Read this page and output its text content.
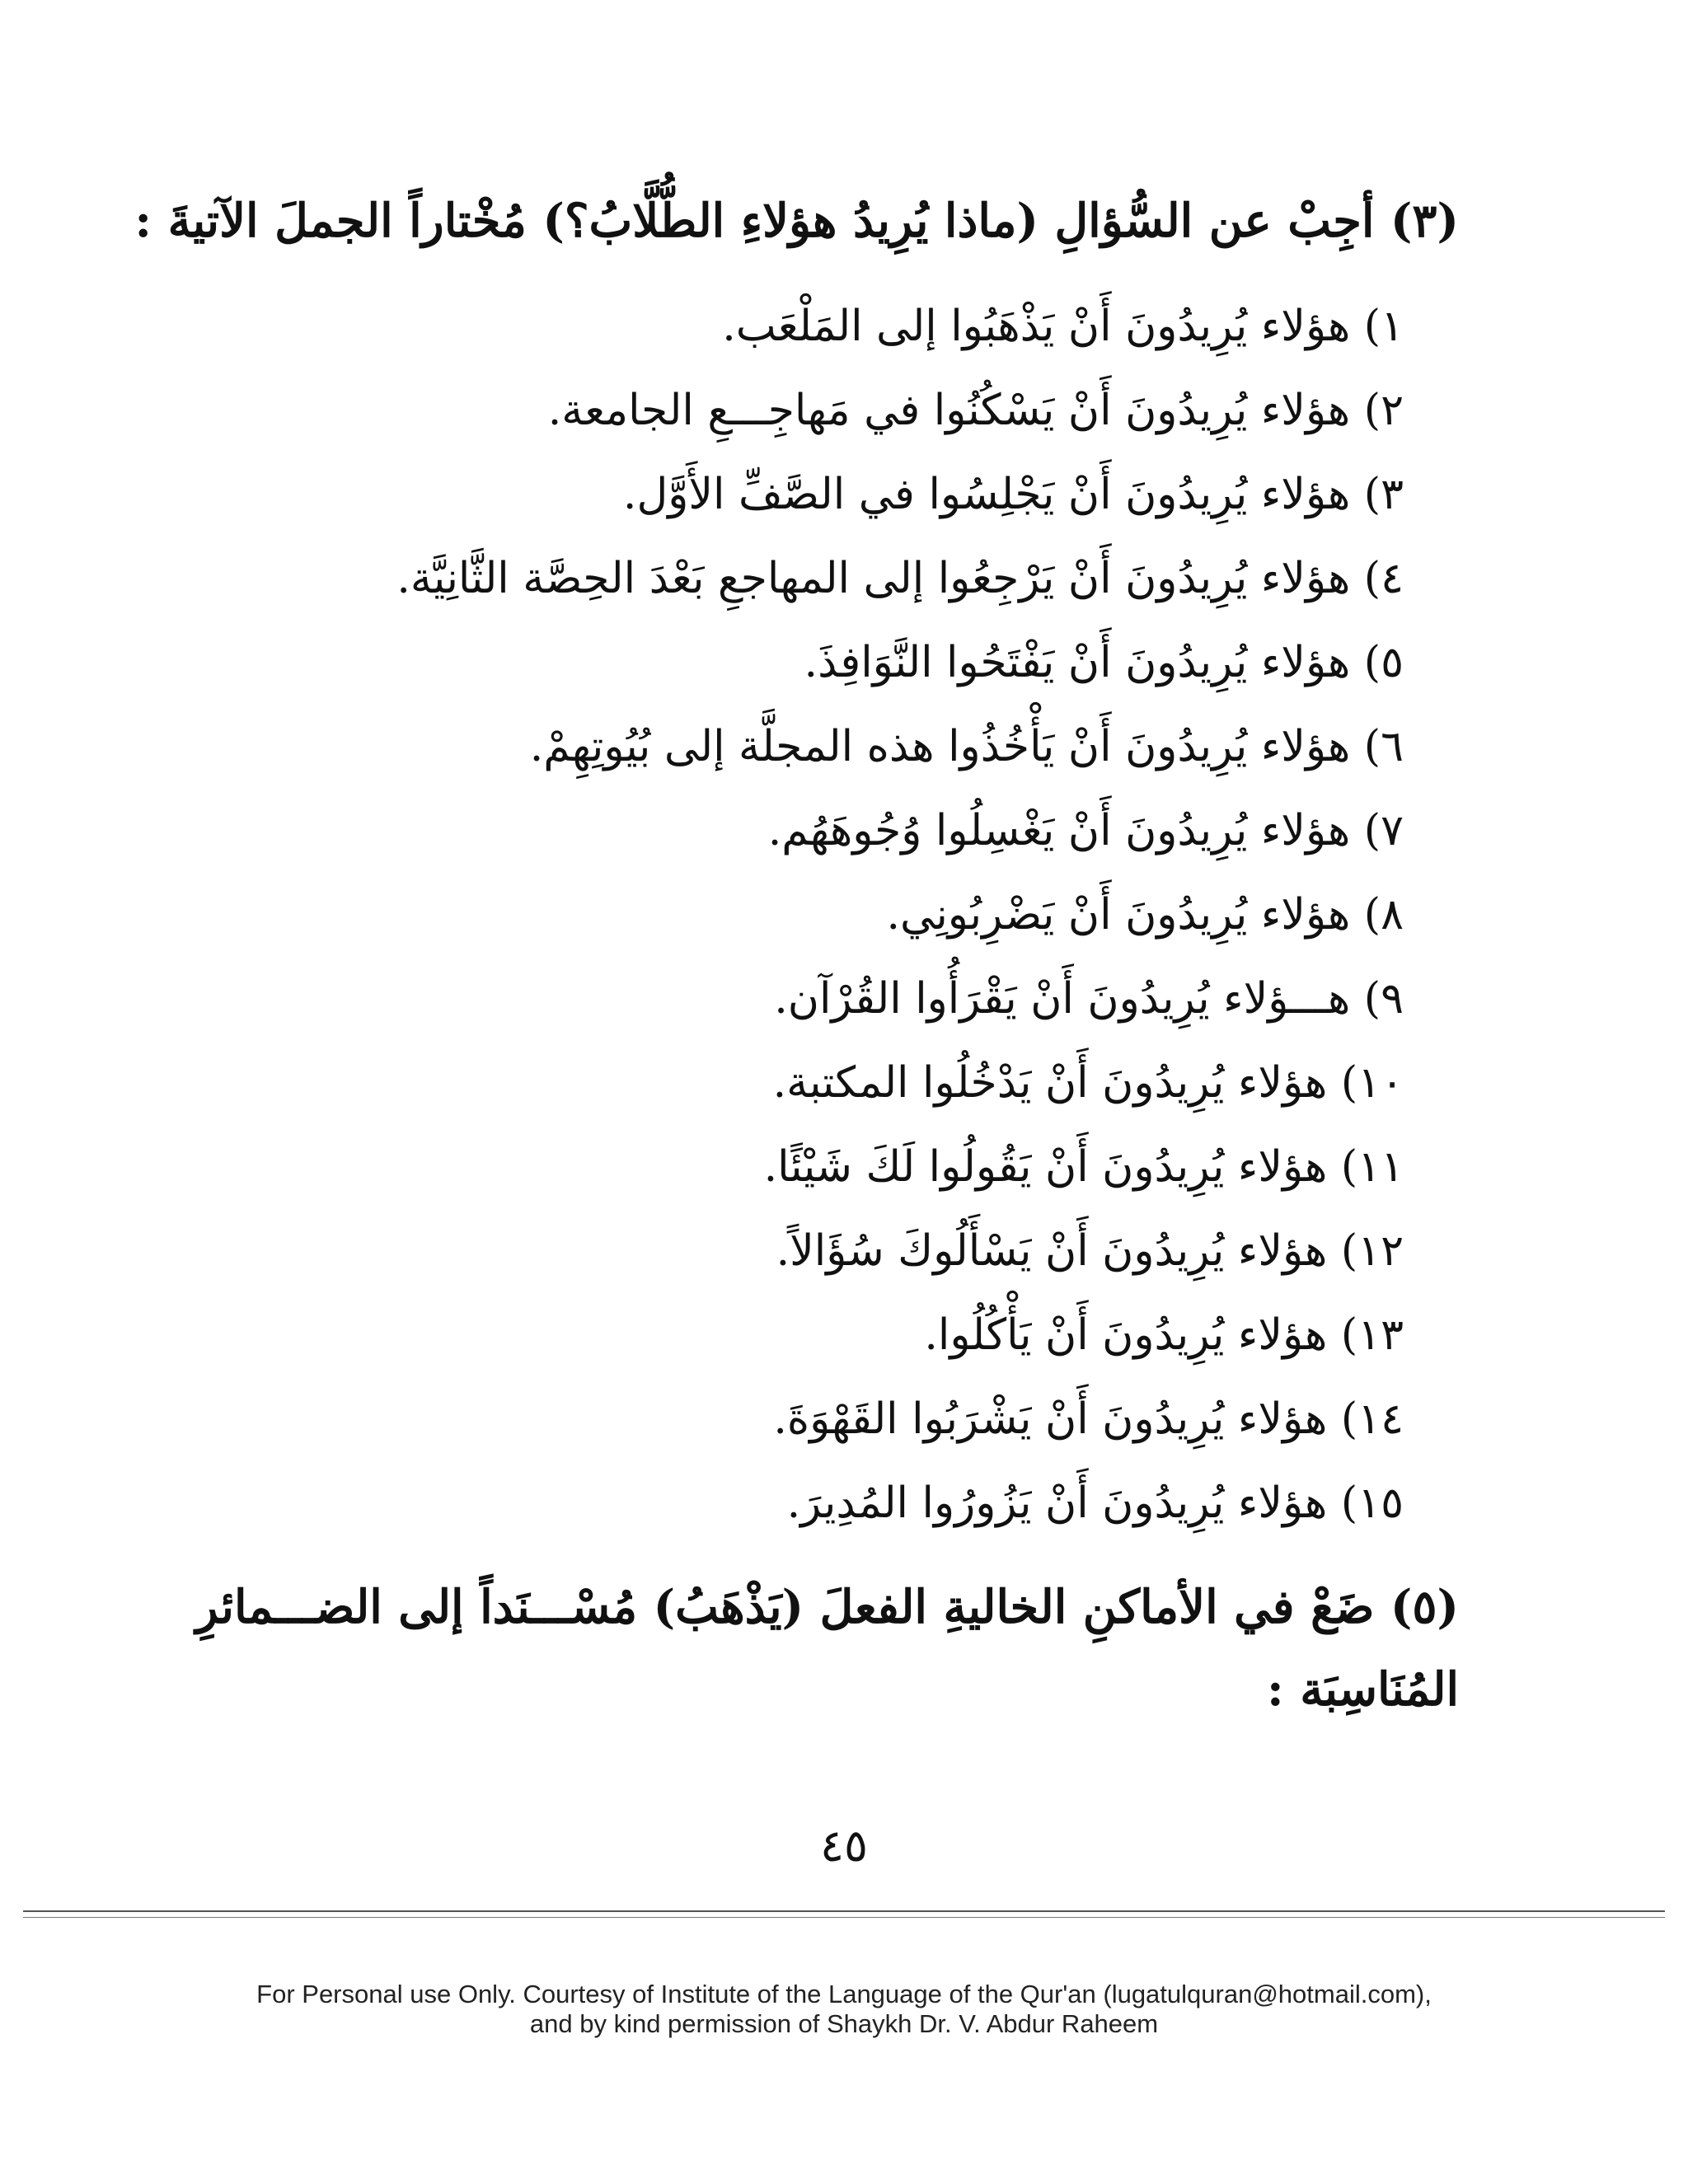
(٣) أجِبْ عن السُّؤالِ (ماذا يُرِيدُ هؤلاءِ الطُّلَّابُ؟) مُخْتاراً الجملَ الآتيةَ :
١) هؤلاء يُرِيدُونَ أَنْ يَذْهَبُوا إلى المَلْعَب.
٢) هؤلاء يُرِيدُونَ أَنْ يَسْكُنُوا في مَهاجِـــعِ الجامعة.
٣) هؤلاء يُرِيدُونَ أَنْ يَجْلِسُوا في الصَّفِّ الأَوَّل.
٤) هؤلاء يُرِيدُونَ أَنْ يَرْجِعُوا إلى المهاجعِ بَعْدَ الحِصَّة الثَّانِيَّة.
٥) هؤلاء يُرِيدُونَ أَنْ يَفْتَحُوا النَّوَافِذَ.
٦) هؤلاء يُرِيدُونَ أَنْ يَأْخُذُوا هذه المجلَّة إلى بُيُوتِهِمْ.
٧) هؤلاء يُرِيدُونَ أَنْ يَغْسِلُوا وُجُوهَهُم.
٨) هؤلاء يُرِيدُونَ أَنْ يَضْرِبُونِي.
٩) هـــؤلاء يُرِيدُونَ أَنْ يَقْرَأُوا القُرْآن.
١٠) هؤلاء يُرِيدُونَ أَنْ يَدْخُلُوا المكتبة.
١١) هؤلاء يُرِيدُونَ أَنْ يَقُولُوا لَكَ شَيْئًا.
١٢) هؤلاء يُرِيدُونَ أَنْ يَسْأَلُوكَ سُؤَالاً.
١٣) هؤلاء يُرِيدُونَ أَنْ يَأْكُلُوا.
١٤) هؤلاء يُرِيدُونَ أَنْ يَشْرَبُوا القَهْوَةَ.
١٥) هؤلاء يُرِيدُونَ أَنْ يَزُورُوا المُدِيرَ.
(٥) ضَعْ في الأماكنِ الخاليةِ الفعلَ (يَذْهَبُ) مُسْـــنَداً إلى الضـــمائرِ
المُنَاسِبَة :
٤٥
For Personal use Only. Courtesy of Institute of the Language of the Qur'an (lugatulquran@hotmail.com),
and by kind permission of Shaykh Dr. V. Abdur Raheem
